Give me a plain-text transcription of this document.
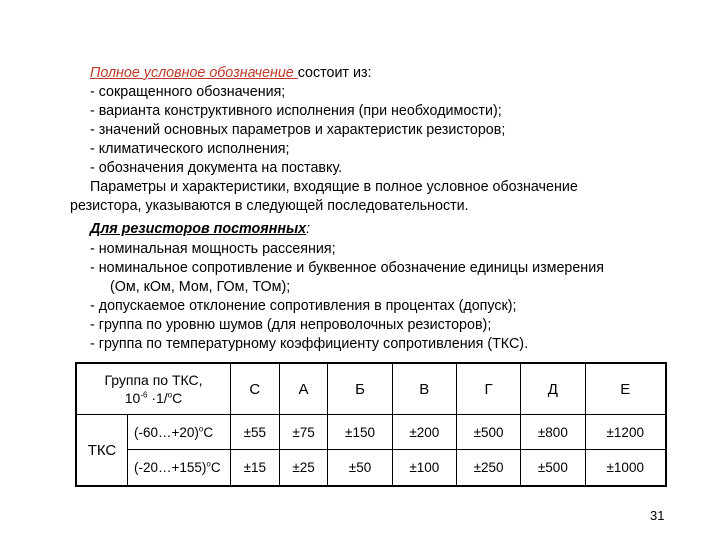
Полное условное обозначение состоит из:
- сокращенного обозначения;
- варианта конструктивного исполнения (при необходимости);
- значений основных параметров и характеристик резисторов;
- климатического исполнения;
- обозначения документа на поставку.
Параметры и характеристики, входящие в полное условное обозначение
резистора, указываются в следующей последовательности.
Для резисторов постоянных:
- номинальная мощность рассеяния;
- номинальное сопротивление и буквенное обозначение единицы измерения
(Ом, кОм, Мом, ГОм, ТОм);
- допускаемое отклонение сопротивления в процентах (допуск);
- группа по уровню шумов (для непроволочных резисторов);
- группа по температурному коэффициенту сопротивления (ТКС).
Группа по ТКС,
$10^{-6} \cdot 1/^оС$		С	А	Б	В	Г	Д	Е
ТКС	(-60…+20)$^о$С	±55	±75	±150	±200	±500	±800	±1200
	(-20…+155)$^о$С	±15	±25	±50	±100	±250	±500	±1000
31
